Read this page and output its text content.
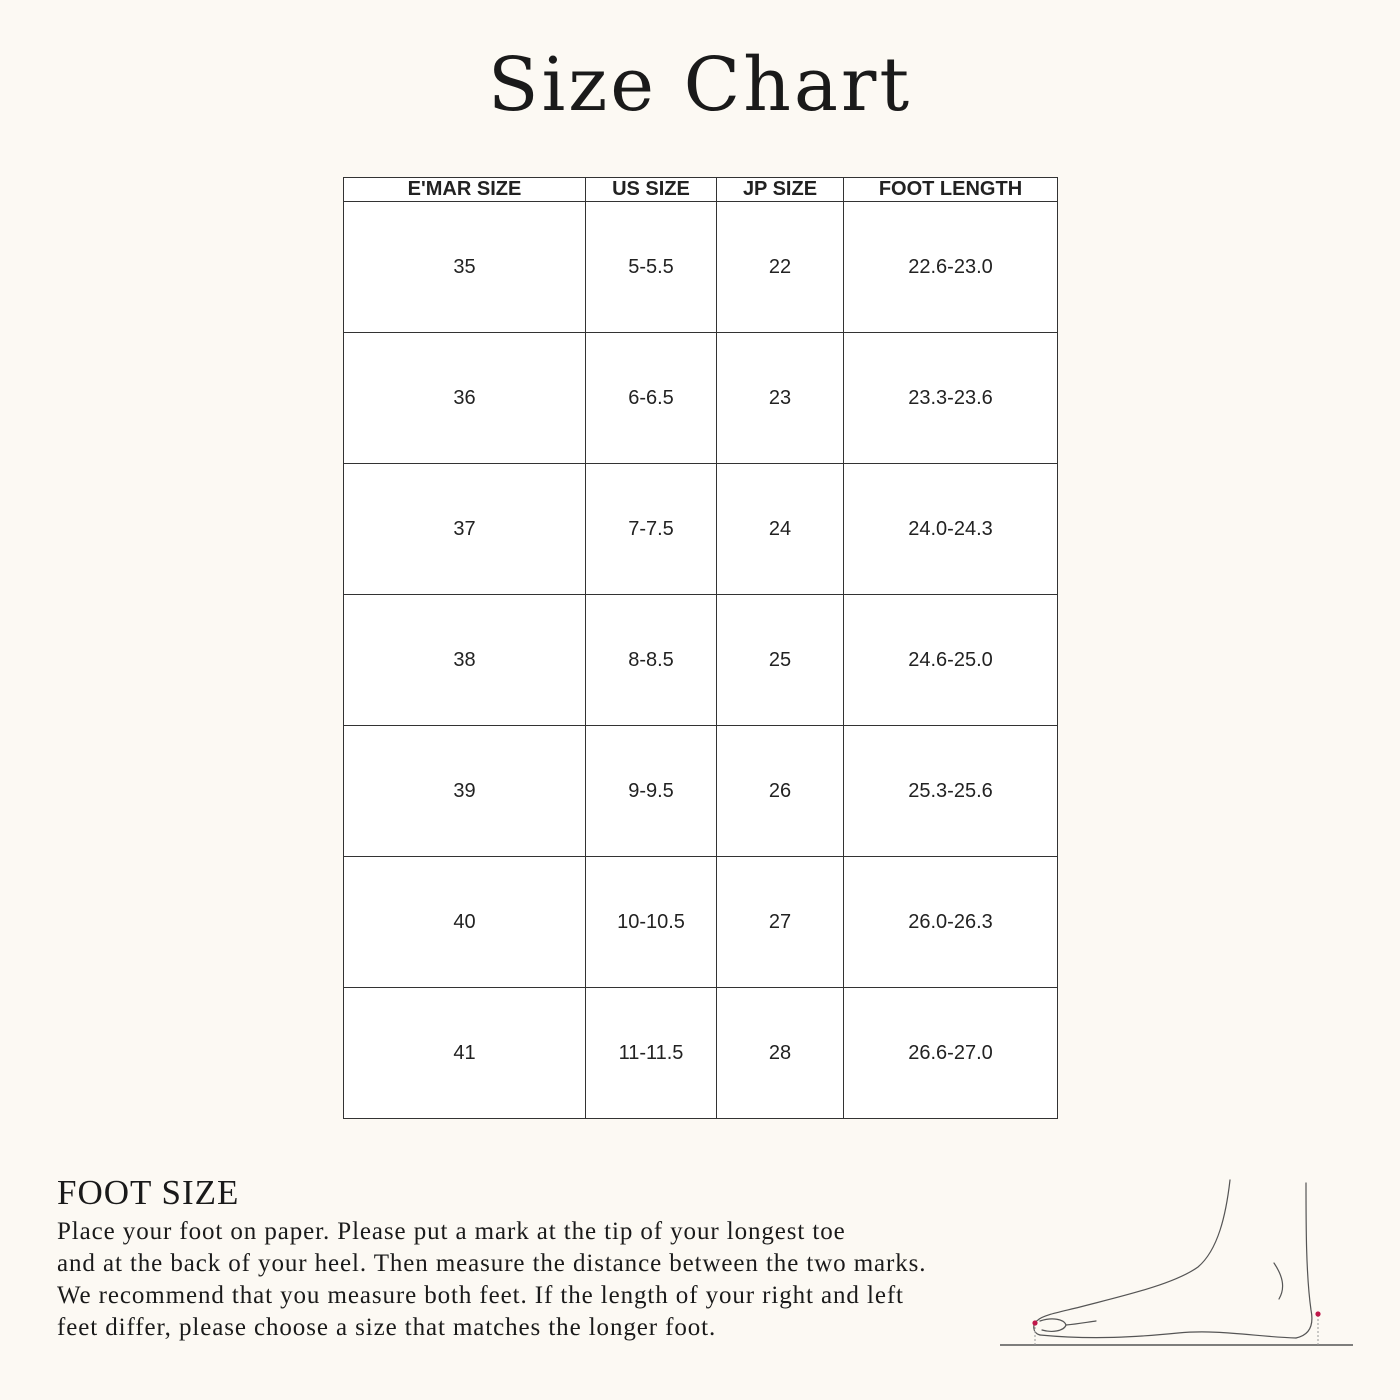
Size Chart
E'MAR SIZE	US SIZE	JP SIZE	FOOT LENGTH
35	5-5.5	22	22.6-23.0
36	6-6.5	23	23.3-23.6
37	7-7.5	24	24.0-24.3
38	8-8.5	25	24.6-25.0
39	9-9.5	26	25.3-25.6
40	10-10.5	27	26.0-26.3
41	11-11.5	28	26.6-27.0
FOOT SIZE

Place your foot on paper. Please put a mark at the tip of your longest toe
and at the back of your heel. Then measure the distance between the two marks.
We recommend that you measure both feet. If the length of your right and left
feet differ, please choose a size that matches the longer foot.
